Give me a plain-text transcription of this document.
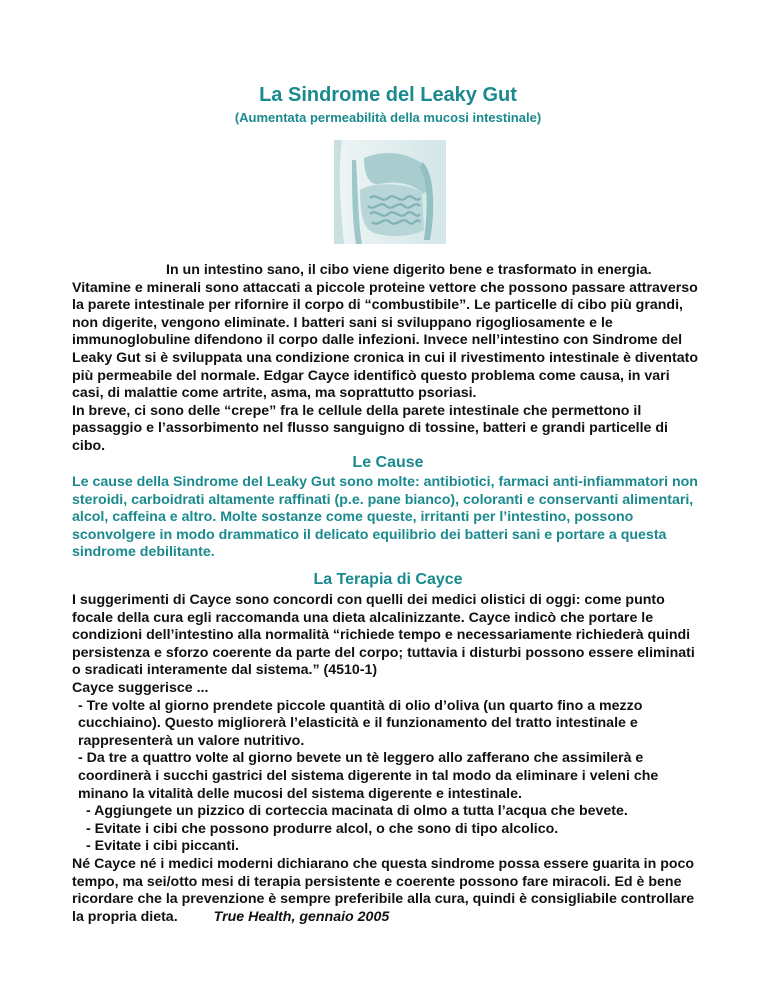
La Sindrome del Leaky Gut

(Aumentata permeabilità della mucosi intestinale)

In un intestino sano, il cibo viene digerito bene e trasformato in energia. Vitamine e minerali sono attaccati a piccole proteine vettore che possono passare attraverso la parete intestinale per rifornire il corpo di “combustibile”. Le particelle di cibo più grandi, non digerite, vengono eliminate. I batteri sani si sviluppano rigogliosamente e le immunoglobuline difendono il corpo dalle infezioni. Invece nell’intestino con Sindrome del Leaky Gut si è sviluppata una condizione cronica in cui il rivestimento intestinale è diventato più permeabile del normale. Edgar Cayce identificò questo problema come causa, in vari casi, di malattie come artrite, asma, ma soprattutto psoriasi.

In breve, ci sono delle “crepe” fra le cellule della parete intestinale che permettono il passaggio e l’assorbimento nel flusso sanguigno di tossine, batteri e grandi particelle di cibo.

Le Cause

Le cause della Sindrome del Leaky Gut sono molte: antibiotici, farmaci anti-infiammatori non steroidi, carboidrati altamente raffinati (p.e. pane bianco), coloranti e conservanti alimentari, alcol, caffeina e altro. Molte sostanze come queste, irritanti per l’intestino, possono sconvolgere in modo drammatico il delicato equilibrio dei batteri sani e portare a questa sindrome debilitante.

La Terapia di Cayce

I suggerimenti di Cayce sono concordi con quelli dei medici olistici di oggi: come punto focale della cura egli raccomanda una dieta alcalinizzante. Cayce indicò che portare le condizioni dell’intestino alla normalità “richiede tempo e necessariamente richiederà quindi persistenza e sforzo coerente da parte del corpo; tuttavia i disturbi possono essere eliminati o sradicati interamente dal sistema.” (4510-1)

Cayce suggerisce ...

- Tre volte al giorno prendete piccole quantità di olio d’oliva (un quarto fino a mezzo cucchiaino). Questo migliorerà l’elasticità e il funzionamento del tratto intestinale e rappresenterà un valore nutritivo.
- Da tre a quattro volte al giorno bevete un tè leggero allo zafferano che assimilerà e coordinerà i succhi gastrici del sistema digerente in tal modo da eliminare i veleni che minano la vitalità delle mucosi del sistema digerente e intestinale.
- Aggiungete un pizzico di corteccia macinata di olmo a tutta l’acqua che bevete.
- Evitate i cibi che possono produrre alcol, o che sono di tipo alcolico.
- Evitate i cibi piccanti.

Né Cayce né i medici moderni dichiarano che questa sindrome possa essere guarita in poco tempo, ma sei/otto mesi di terapia persistente e coerente possono fare miracoli. Ed è bene ricordare che la prevenzione è sempre preferibile alla cura, quindi è consigliabile controllare la propria dieta.	True Health, gennaio 2005
